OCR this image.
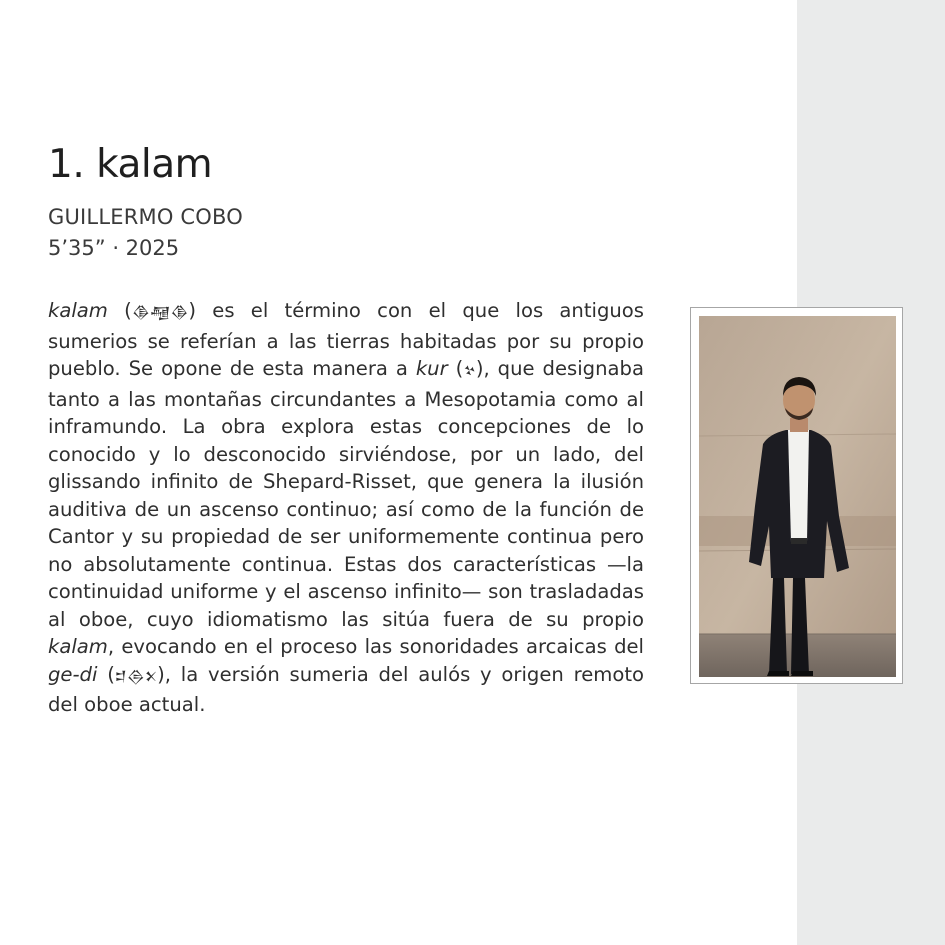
1. kalam
GUILLERMO COBO
5’35” · 2025

kalam (𒆠𒆷𒆠) es el término con el que los antiguos sumerios se referían a las tierras habitadas por su propio pueblo. Se opone de esta manera a kur (𒆳), que designaba tanto a las montañas circundantes a Mesopotamia como al inframundo. La obra explora estas concepciones de lo conocido y lo desconocido sirviéndose, por un lado, del glissando infinito de Shepard-Risset, que genera la ilusión auditiva de un ascenso continuo; así como de la función de Cantor y su propiedad de ser uniformemente continua pero no absolutamente continua. Estas dos características —la continuidad uniforme y el ascenso infinito— son trasladadas al oboe, cuyo idiomatismo las sitúa fuera de su propio kalam, evocando en el proceso las sonoridades arcaicas del ge-di (𒄑𒁲𒉽), la versión sumeria del aulós y origen remoto del oboe actual.
